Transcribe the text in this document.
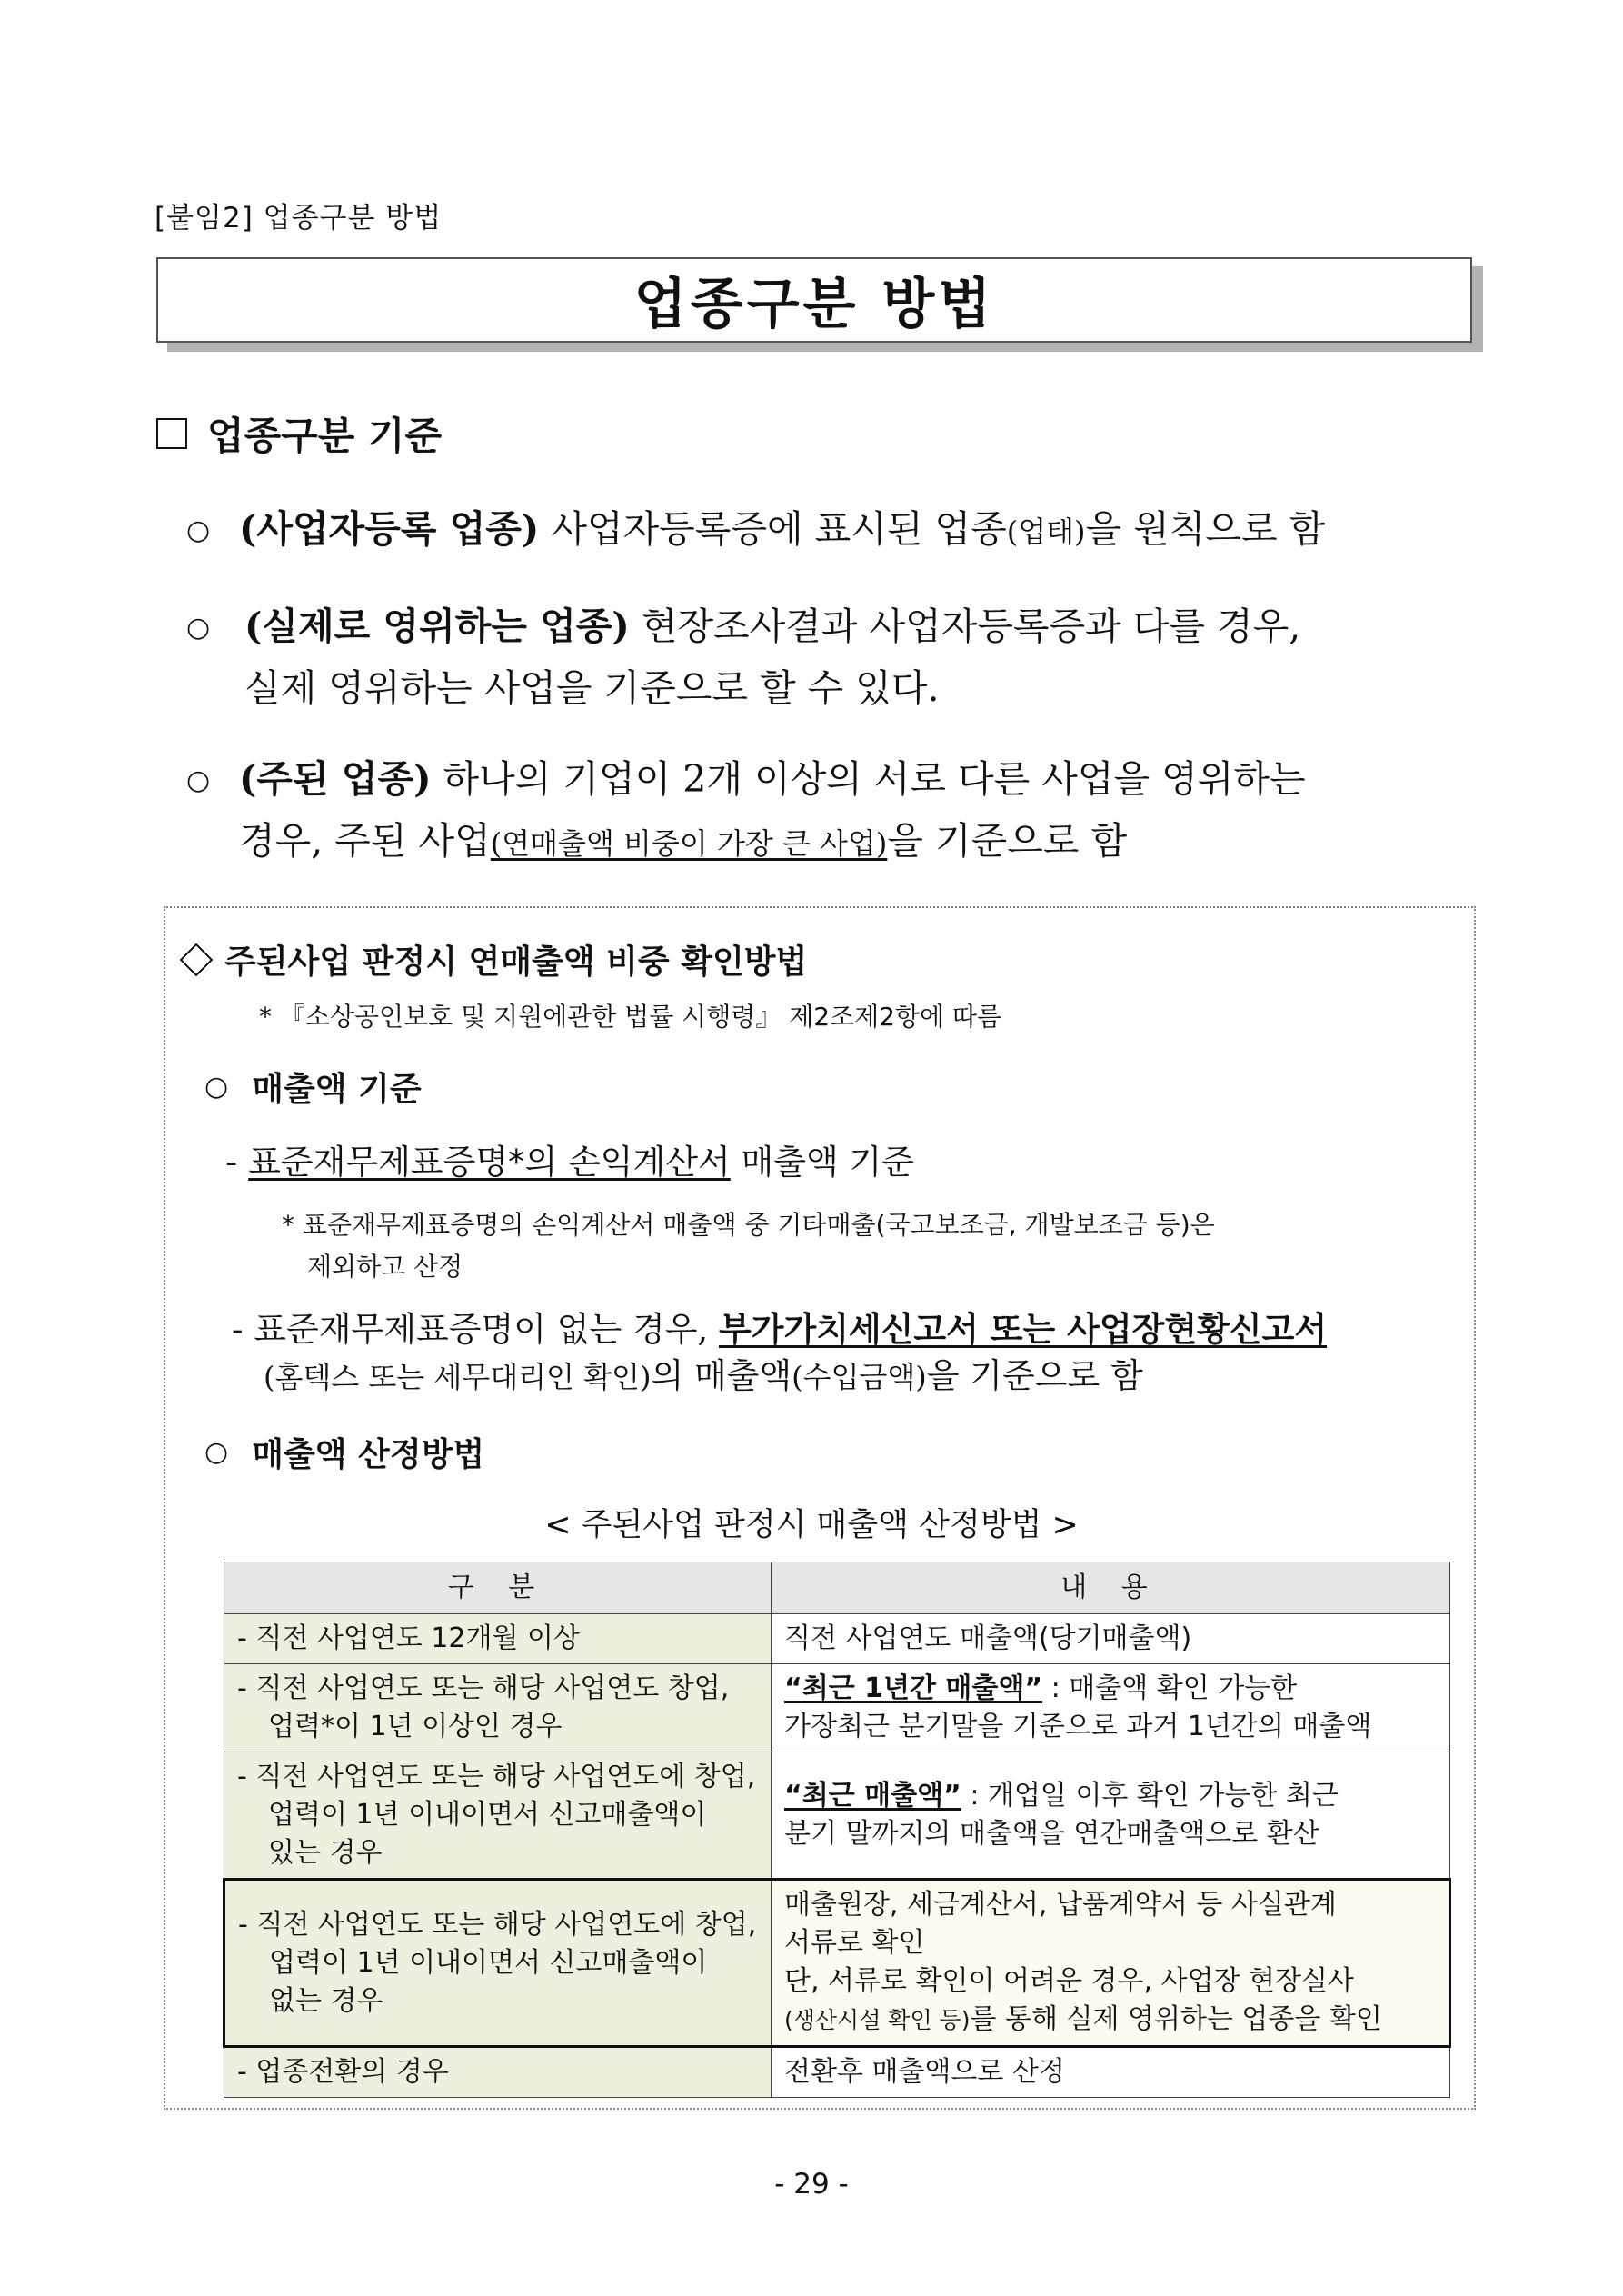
[붙임2] 업종구분 방법
업종구분 방법
업종구분 기준
○ (사업자등록 업종) 사업자등록증에 표시된 업종(업태)을 원칙으로 함
○ (실제로 영위하는 업종) 현장조사결과 사업자등록증과 다를 경우,
실제 영위하는 사업을 기준으로 할 수 있다.
○ (주된 업종) 하나의 기업이 2개 이상의 서로 다른 사업을 영위하는
경우, 주된 사업(연매출액 비중이 가장 큰 사업)을 기준으로 함
주된사업 판정시 연매출액 비중 확인방법
* 『소상공인보호 및 지원에관한 법률 시행령』 제2조제2항에 따름
○ 매출액 기준
- 표준재무제표증명*의 손익계산서 매출액 기준
* 표준재무제표증명의 손익계산서 매출액 중 기타매출(국고보조금, 개발보조금 등)은
제외하고 산정
- 표준재무제표증명이 없는 경우, 부가가치세신고서 또는 사업장현황신고서
(홈텍스 또는 세무대리인 확인)의 매출액(수입금액)을 기준으로 함
○ 매출액 산정방법
< 주된사업 판정시 매출액 산정방법 >
구 분	내 용
- 직전 사업연도 12개월 이상	직전 사업연도 매출액(당기매출액)
- 직전 사업연도 또는 해당 사업연도 창업,
업력*이 1년 이상인 경우	“최근 1년간 매출액” : 매출액 확인 가능한
가장최근 분기말을 기준으로 과거 1년간의 매출액
- 직전 사업연도 또는 해당 사업연도에 창업,
업력이 1년 이내이면서 신고매출액이
있는 경우	“최근 매출액” : 개업일 이후 확인 가능한 최근
분기 말까지의 매출액을 연간매출액으로 환산
- 직전 사업연도 또는 해당 사업연도에 창업,
업력이 1년 이내이면서 신고매출액이
없는 경우	매출원장, 세금계산서, 납품계약서 등 사실관계
서류로 확인
단, 서류로 확인이 어려운 경우, 사업장 현장실사
(생산시설 확인 등)를 통해 실제 영위하는 업종을 확인
- 업종전환의 경우	전환후 매출액으로 산정
- 29 -
